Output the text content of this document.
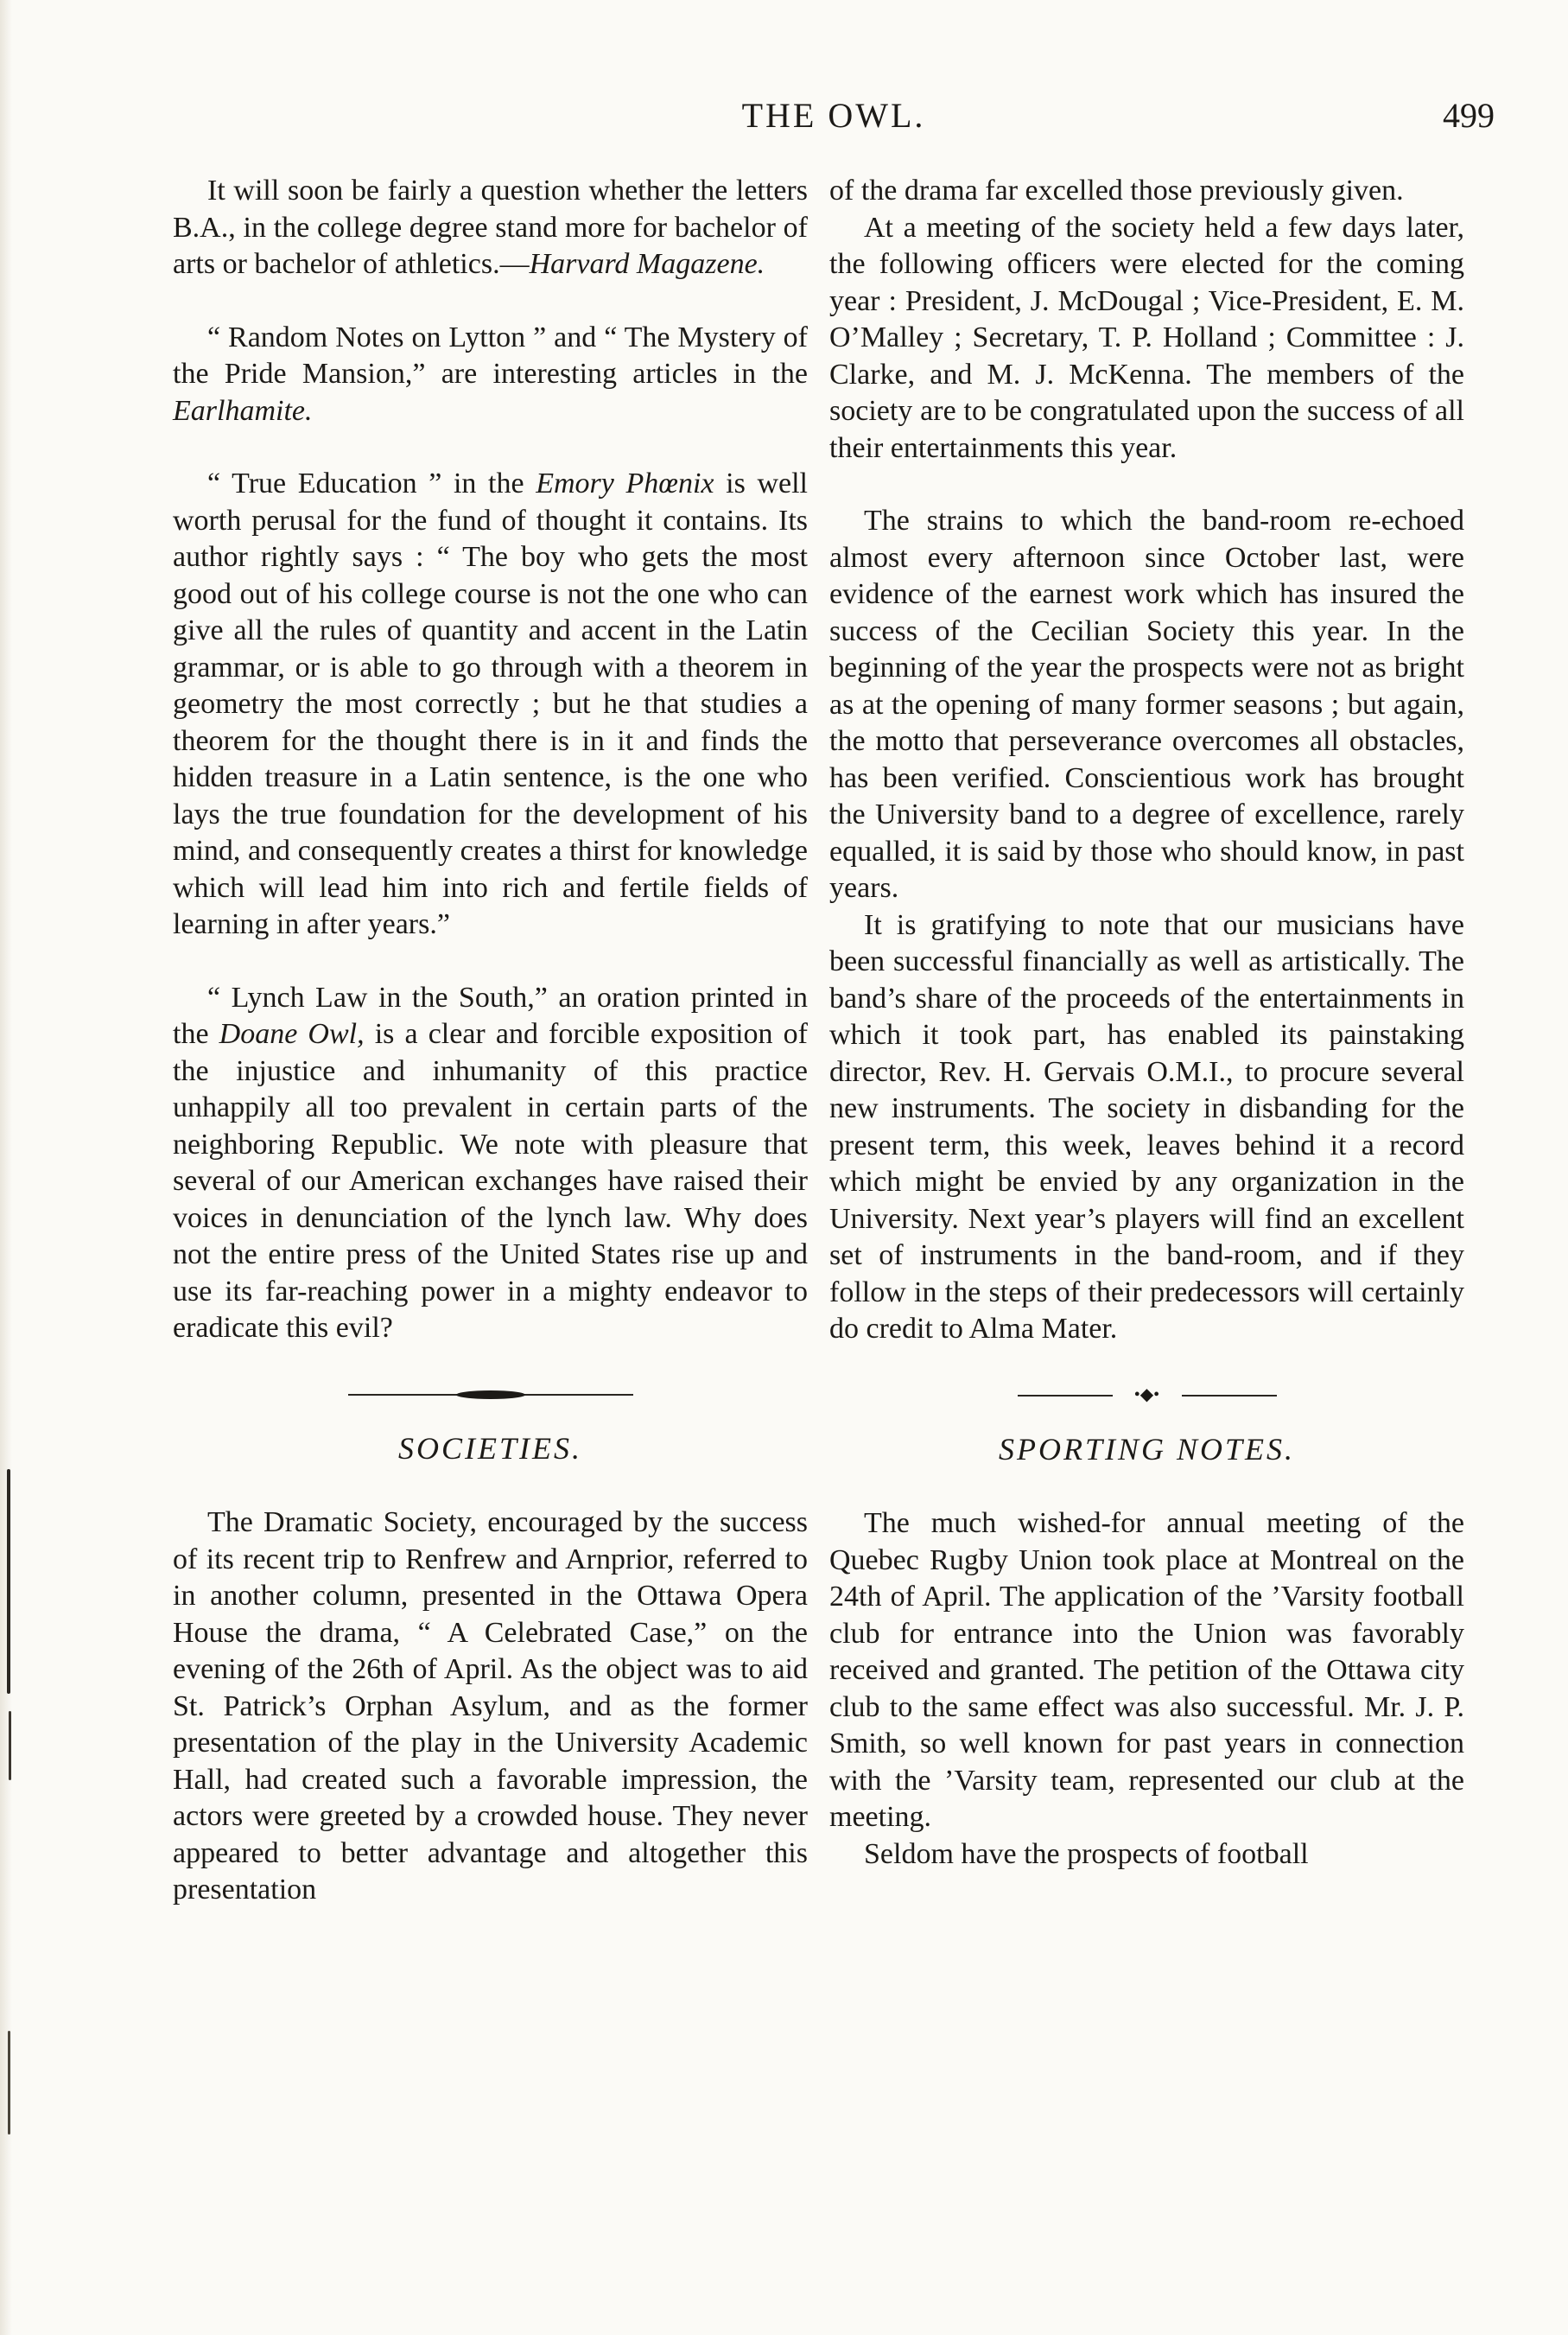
THE OWL.	499

It will soon be fairly a question whether the letters B.A., in the college degree stand more for bachelor of arts or bachelor of athletics.—Harvard Magazene.

“ Random Notes on Lytton ” and “ The Mystery of the Pride Mansion,” are interesting articles in the Earlhamite.

“ True Education ” in the Emory Phœnix is well worth perusal for the fund of thought it contains. Its author rightly says : “ The boy who gets the most good out of his college course is not the one who can give all the rules of quantity and accent in the Latin grammar, or is able to go through with a theorem in geometry the most correctly ; but he that studies a theorem for the thought there is in it and finds the hidden treasure in a Latin sentence, is the one who lays the true foundation for the development of his mind, and consequently creates a thirst for knowledge which will lead him into rich and fertile fields of learning in after years.”

“ Lynch Law in the South,” an oration printed in the Doane Owl, is a clear and forcible exposition of the injustice and inhumanity of this practice unhappily all too prevalent in certain parts of the neighboring Republic. We note with pleasure that several of our American exchanges have raised their voices in denunciation of the lynch law. Why does not the entire press of the United States rise up and use its far-reaching power in a mighty endeavor to eradicate this evil?

SOCIETIES.

The Dramatic Society, encouraged by the success of its recent trip to Renfrew and Arnprior, referred to in another column, presented in the Ottawa Opera House the drama, “ A Celebrated Case,” on the evening of the 26th of April. As the object was to aid St. Patrick’s Orphan Asylum, and as the former presentation of the play in the University Academic Hall, had created such a favorable impression, the actors were greeted by a crowded house. They never appeared to better advantage and altogether this presentation

of the drama far excelled those previously given.

At a meeting of the society held a few days later, the following officers were elected for the coming year : President, J. McDougal ; Vice-President, E. M. O’Malley ; Secretary, T. P. Holland ; Committee : J. Clarke, and M. J. McKenna. The members of the society are to be congratulated upon the success of all their entertainments this year.

The strains to which the band-room re-echoed almost every afternoon since October last, were evidence of the earnest work which has insured the success of the Cecilian Society this year. In the beginning of the year the prospects were not as bright as at the opening of many former seasons ; but again, the motto that perseverance overcomes all obstacles, has been verified. Conscientious work has brought the University band to a degree of excellence, rarely equalled, it is said by those who should know, in past years.

It is gratifying to note that our musicians have been successful financially as well as artistically. The band’s share of the proceeds of the entertainments in which it took part, has enabled its painstaking director, Rev. H. Gervais O.M.I., to procure several new instruments. The society in disbanding for the present term, this week, leaves behind it a record which might be envied by any organization in the University. Next year’s players will find an excellent set of instruments in the band-room, and if they follow in the steps of their predecessors will certainly do credit to Alma Mater.

•◆•
SPORTING NOTES.

The much wished-for annual meeting of the Quebec Rugby Union took place at Montreal on the 24th of April. The application of the ’Varsity football club for entrance into the Union was favorably received and granted. The petition of the Ottawa city club to the same effect was also successful. Mr. J. P. Smith, so well known for past years in connection with the ’Varsity team, represented our club at the meeting.

Seldom have the prospects of football
